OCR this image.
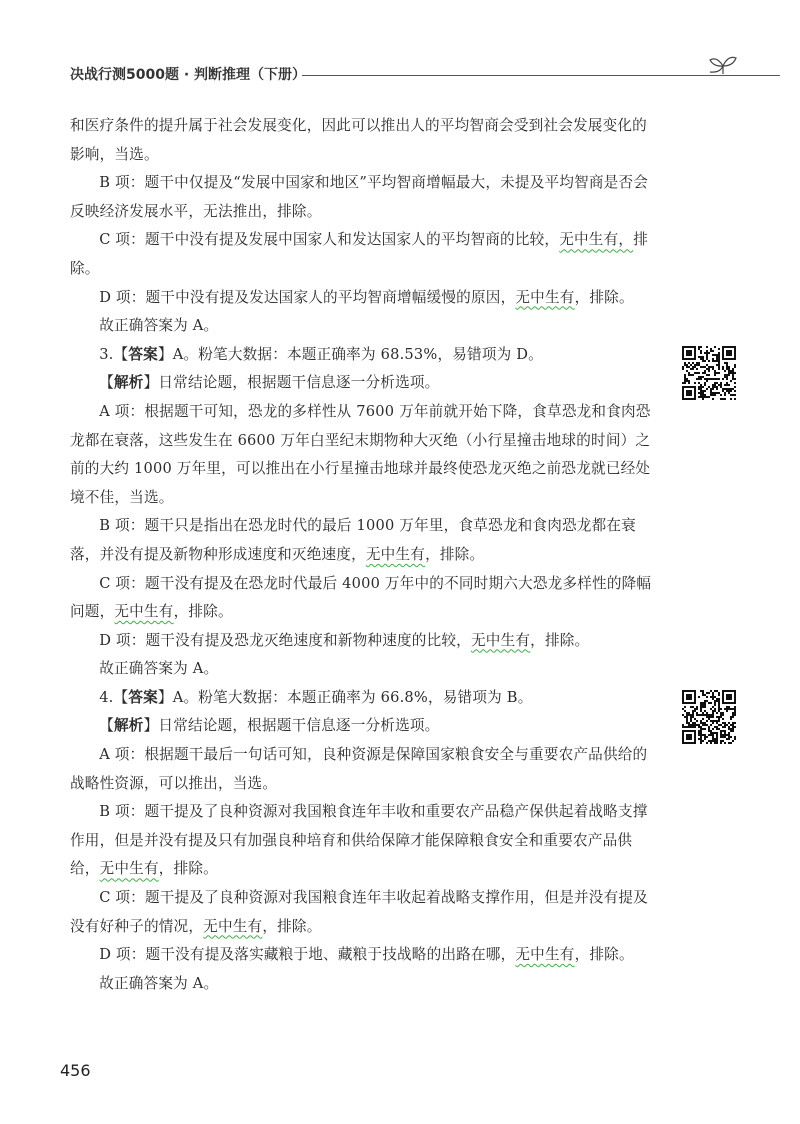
决战行测5000题 · 判断推理（下册）

和医疗条件的提升属于社会发展变化，因此可以推出人的平均智商会受到社会发展变化的影响，当选。

B 项：题干中仅提及“发展中国家和地区”平均智商增幅最大，未提及平均智商是否会反映经济发展水平，无法推出，排除。

C 项：题干中没有提及发展中国家人和发达国家人的平均智商的比较，无中生有，排除。

D 项：题干中没有提及发达国家人的平均智商增幅缓慢的原因，无中生有，排除。

故正确答案为 A。

3.【答案】A。粉笔大数据：本题正确率为 68.53%，易错项为 D。

【解析】日常结论题，根据题干信息逐一分析选项。

A 项：根据题干可知，恐龙的多样性从 7600 万年前就开始下降，食草恐龙和食肉恐龙都在衰落，这些发生在 6600 万年白垩纪末期物种大灭绝（小行星撞击地球的时间）之前的大约 1000 万年里，可以推出在小行星撞击地球并最终使恐龙灭绝之前恐龙就已经处境不佳，当选。

B 项：题干只是指出在恐龙时代的最后 1000 万年里，食草恐龙和食肉恐龙都在衰落，并没有提及新物种形成速度和灭绝速度，无中生有，排除。

C 项：题干没有提及在恐龙时代最后 4000 万年中的不同时期六大恐龙多样性的降幅问题，无中生有，排除。

D 项：题干没有提及恐龙灭绝速度和新物种速度的比较，无中生有，排除。

故正确答案为 A。

4.【答案】A。粉笔大数据：本题正确率为 66.8%，易错项为 B。

【解析】日常结论题，根据题干信息逐一分析选项。

A 项：根据题干最后一句话可知，良种资源是保障国家粮食安全与重要农产品供给的战略性资源，可以推出，当选。

B 项：题干提及了良种资源对我国粮食连年丰收和重要农产品稳产保供起着战略支撑作用，但是并没有提及只有加强良种培育和供给保障才能保障粮食安全和重要农产品供给，无中生有，排除。

C 项：题干提及了良种资源对我国粮食连年丰收起着战略支撑作用，但是并没有提及没有好种子的情况，无中生有，排除。

D 项：题干没有提及落实藏粮于地、藏粮于技战略的出路在哪，无中生有，排除。

故正确答案为 A。

456
